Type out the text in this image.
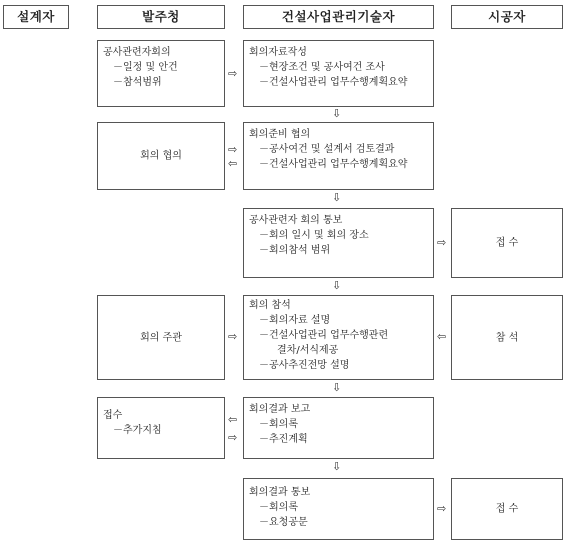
설계자	발주청	건설사업관리기술자	시공자
공사관련자회의
－일정 및 안건
－참석범위
⇨
회의자료작성
－현장조건 및 공사여건 조사
－건설사업관리 업무수행계획요약
⇩
회의 협의	⇨
⇦
회의준비 협의
－공사여건 및 설계서 검토결과
－건설사업관리 업무수행계획요약
⇩
공사관련자 회의 통보
－회의 일시 및 회의 장소
－회의참석 범위
⇨	접 수
⇩
회의 주관	⇨
회의 참석
－회의자료 설명
－건설사업관리 업무수행관련
결차/서식제공
－공사추진전망 설명
⇦	참 석
⇩
접수
－추가지침
⇦
⇨
회의결과 보고
－회의록
－추진계획
⇩
회의결과 통보
－회의록
－요청공문
⇨	접 수
